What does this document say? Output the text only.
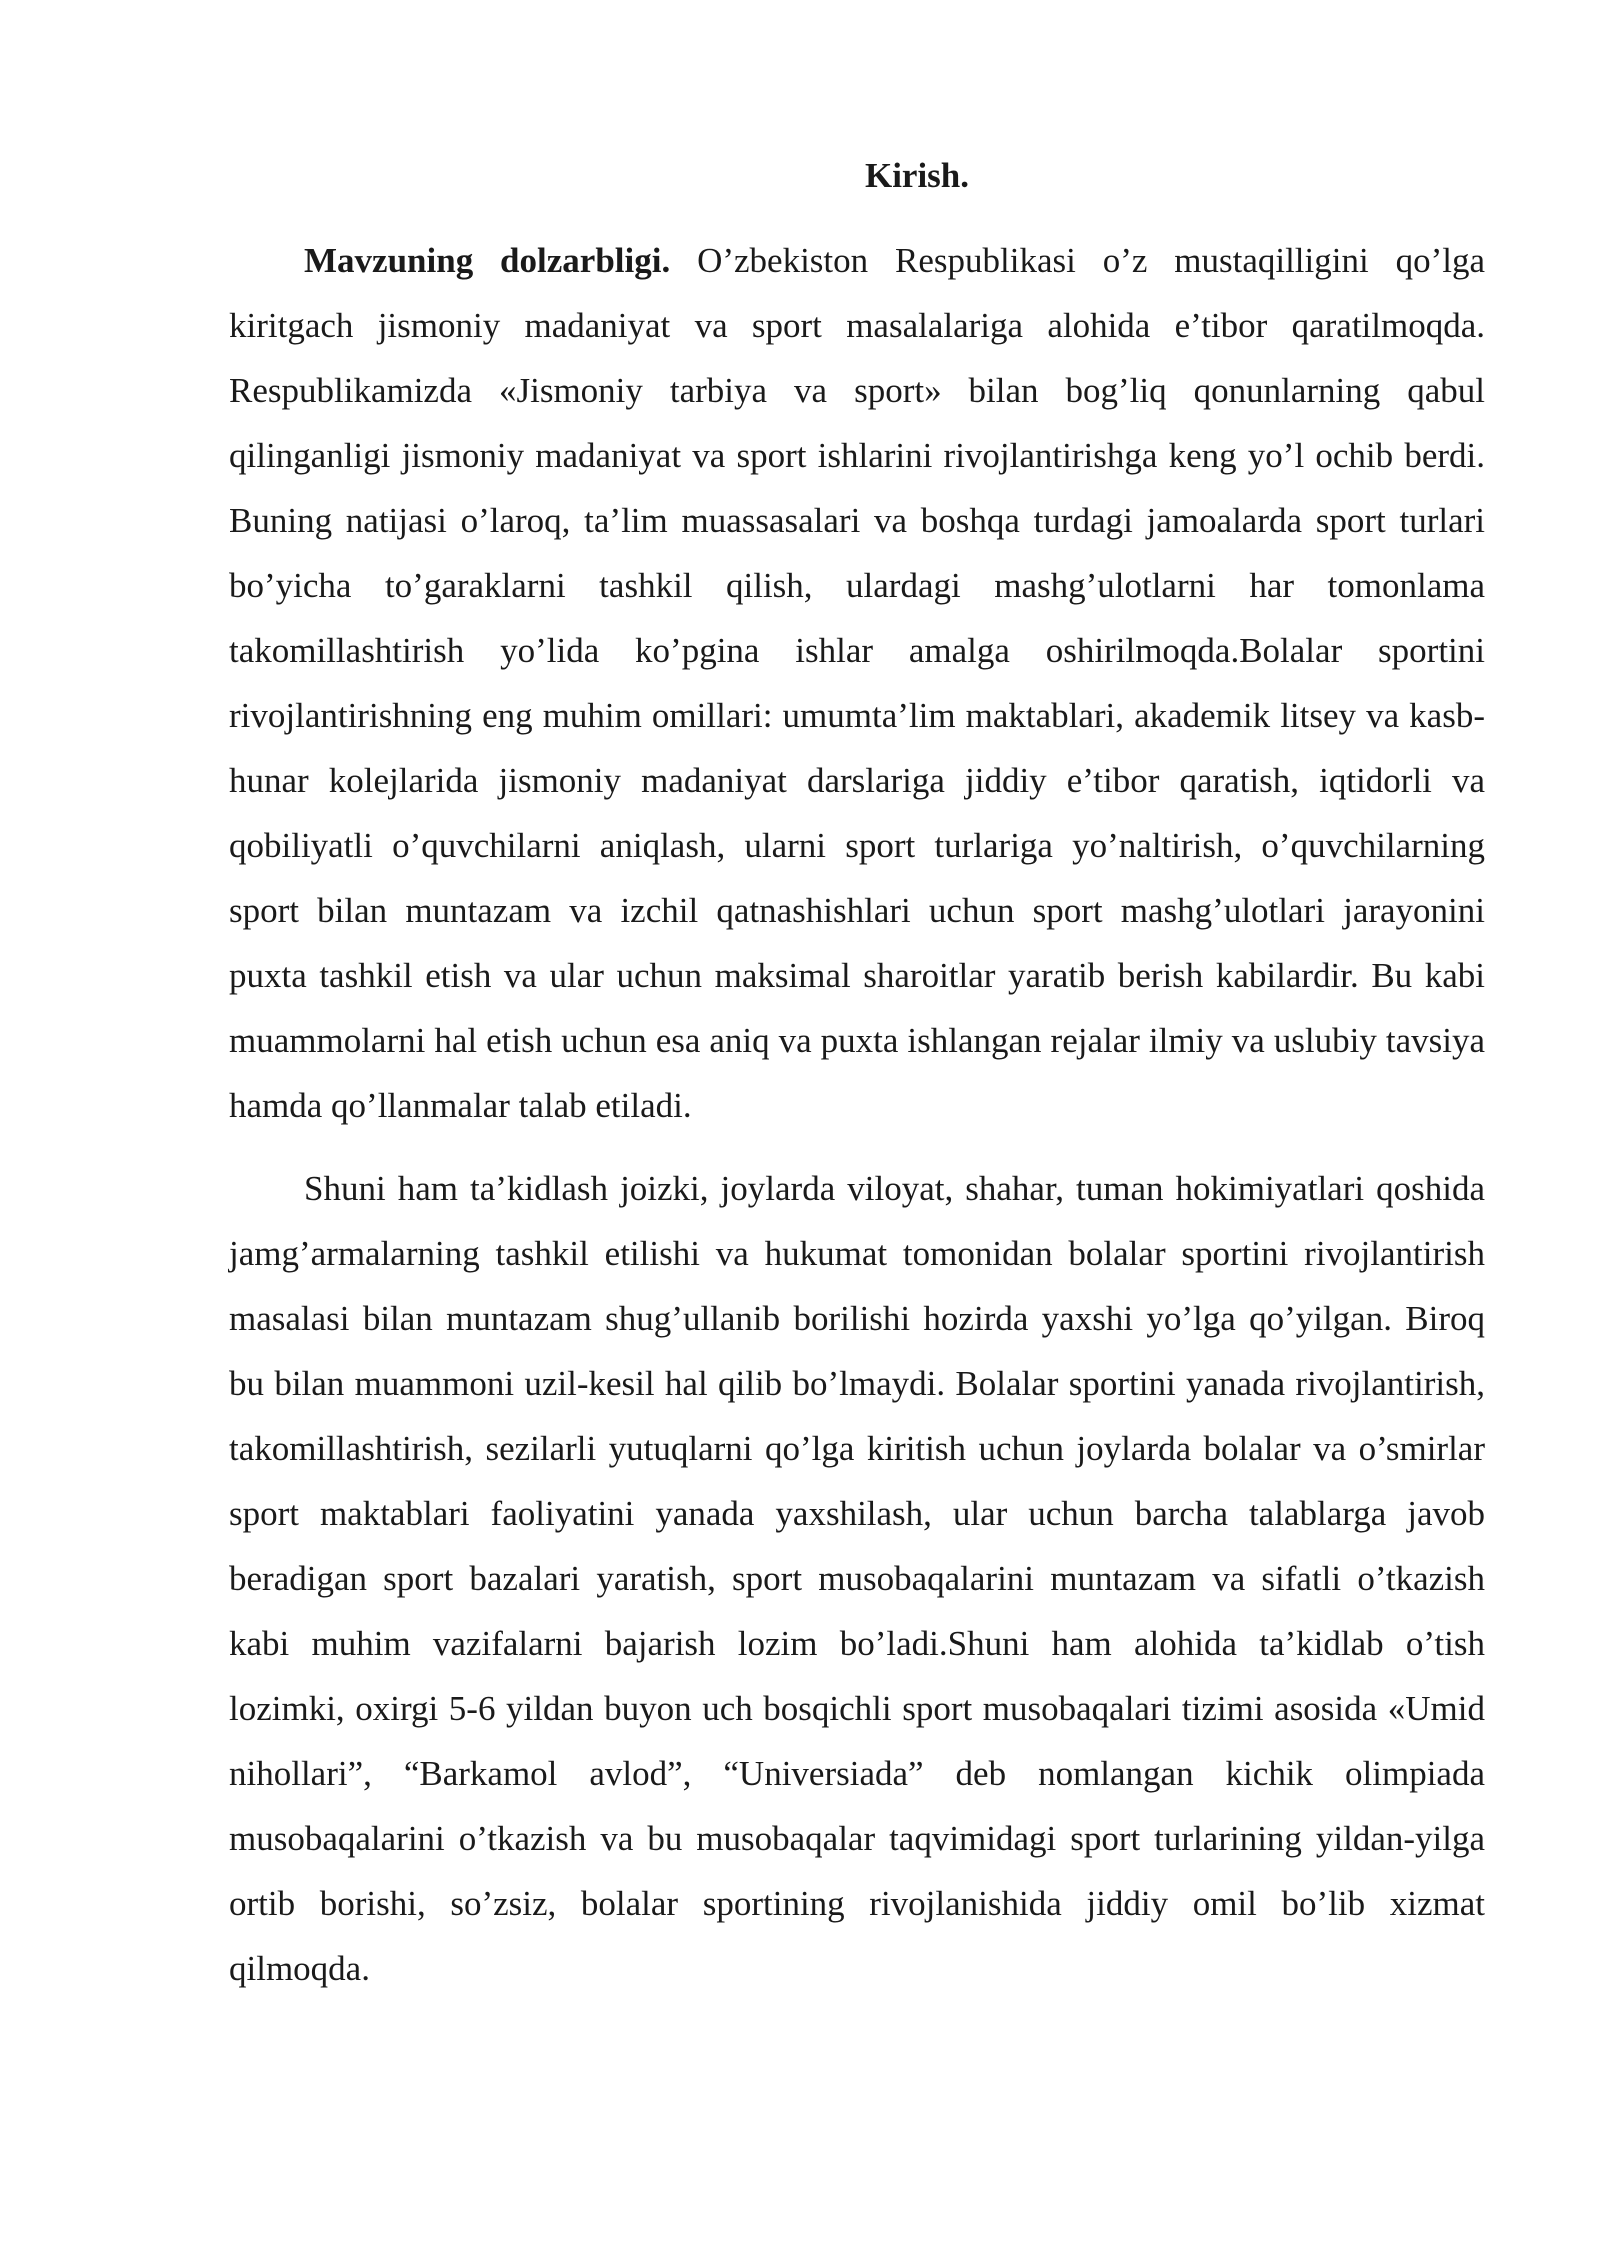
Kirish.

Mavzuning dolzarbligi. O’zbekiston Respublikasi o’z mustaqilligini qo’lga kiritgach jismoniy madaniyat va sport masalalariga alohida e’tibor qaratilmoqda. Respublikamizda «Jismoniy tarbiya va sport» bilan bog’liq qonunlarning qabul qilinganligi jismoniy madaniyat va sport ishlarini rivojlantirishga keng yo’l ochib berdi. Buning natijasi o’laroq, ta’lim muassasalari va boshqa turdagi jamoalarda sport turlari bo’yicha to’garaklarni tashkil qilish, ulardagi mashg’ulotlarni har tomonlama takomillashtirish yo’lida ko’pgina ishlar amalga oshirilmoqda.Bolalar sportini rivojlantirishning eng muhim omillari: umumta’lim maktablari, akademik litsey va kasb-hunar kolejlarida jismoniy madaniyat darslariga jiddiy e’tibor qaratish, iqtidorli va qobiliyatli o’quvchilarni aniqlash, ularni sport turlariga yo’naltirish, o’quvchilarning sport bilan muntazam va izchil qatnashishlari uchun sport mashg’ulotlari jarayonini puxta tashkil etish va ular uchun maksimal sharoitlar yaratib berish kabilardir. Bu kabi muammolarni hal etish uchun esa aniq va puxta ishlangan rejalar ilmiy va uslubiy tavsiya hamda qo’llanmalar talab etiladi.

Shuni ham ta’kidlash joizki, joylarda viloyat, shahar, tuman hokimiyatlari qoshida jamg’armalarning tashkil etilishi va hukumat tomonidan bolalar sportini rivojlantirish masalasi bilan muntazam shug’ullanib borilishi hozirda yaxshi yo’lga qo’yilgan. Biroq bu bilan muammoni uzil-kesil hal qilib bo’lmaydi. Bolalar sportini yanada rivojlantirish, takomillashtirish, sezilarli yutuqlarni qo’lga kiritish uchun joylarda bolalar va o’smirlar sport maktablari faoliyatini yanada yaxshilash, ular uchun barcha talablarga javob beradigan sport bazalari yaratish, sport musobaqalarini muntazam va sifatli o’tkazish kabi muhim vazifalarni bajarish lozim bo’ladi.Shuni ham alohida ta’kidlab o’tish lozimki, oxirgi 5-6 yildan buyon uch bosqichli sport musobaqalari tizimi asosida «Umid nihollari”, “Barkamol avlod”, “Universiada” deb nomlangan kichik olimpiada musobaqalarini o’tkazish va bu musobaqalar taqvimidagi sport turlarining yildan-yilga ortib borishi, so’zsiz, bolalar sportining rivojlanishida jiddiy omil bo’lib xizmat qilmoqda.
